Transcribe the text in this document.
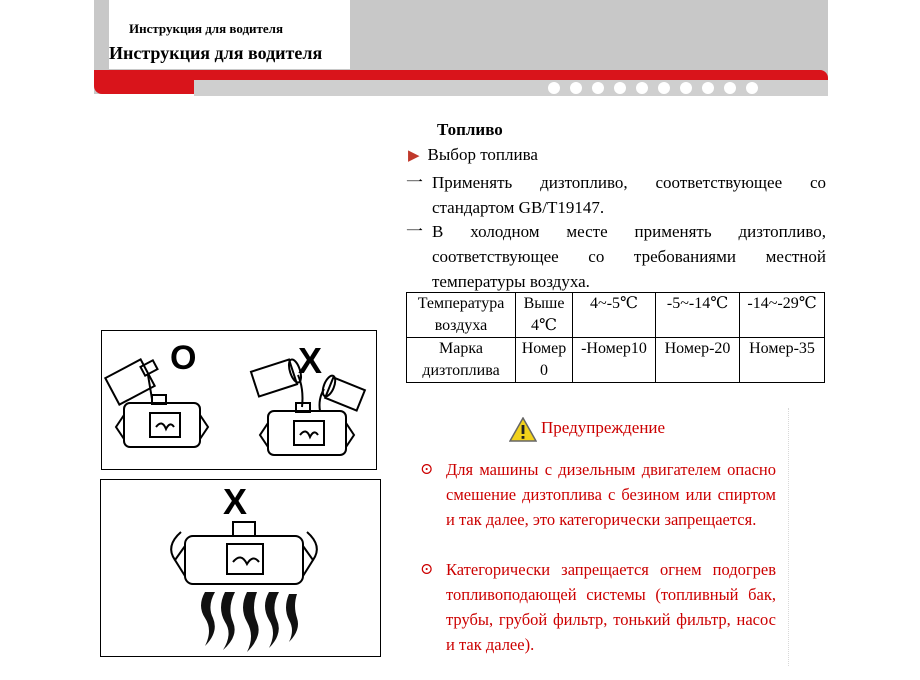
Инструкция для водителя
Инструкция для водителя
Топливо
▶ Выбор топлива
一 Применять дизтопливо, соответствующее со стандартом GB/T19147.
一 В холодном месте применять дизтопливо, соответствующее со требованиями местной температуры воздуха.
Температура воздуха	Выше 4℃	4~-5℃	-5~-14℃	-14~-29℃
Марка дизтоплива	Номер 0	-Номер10	Номер-20	Номер-35
Предупреждение
⊙ Для машины с дизельным двигателем опасно смешение дизтоплива с безином или спиртом и так далее, это категорически запрещается.
⊙ Категорически запрещается огнем подогрев топливоподающей системы (топливный бак, трубы, грубой фильтр, тонький фильтр, насос и так далее).
O	X
X
